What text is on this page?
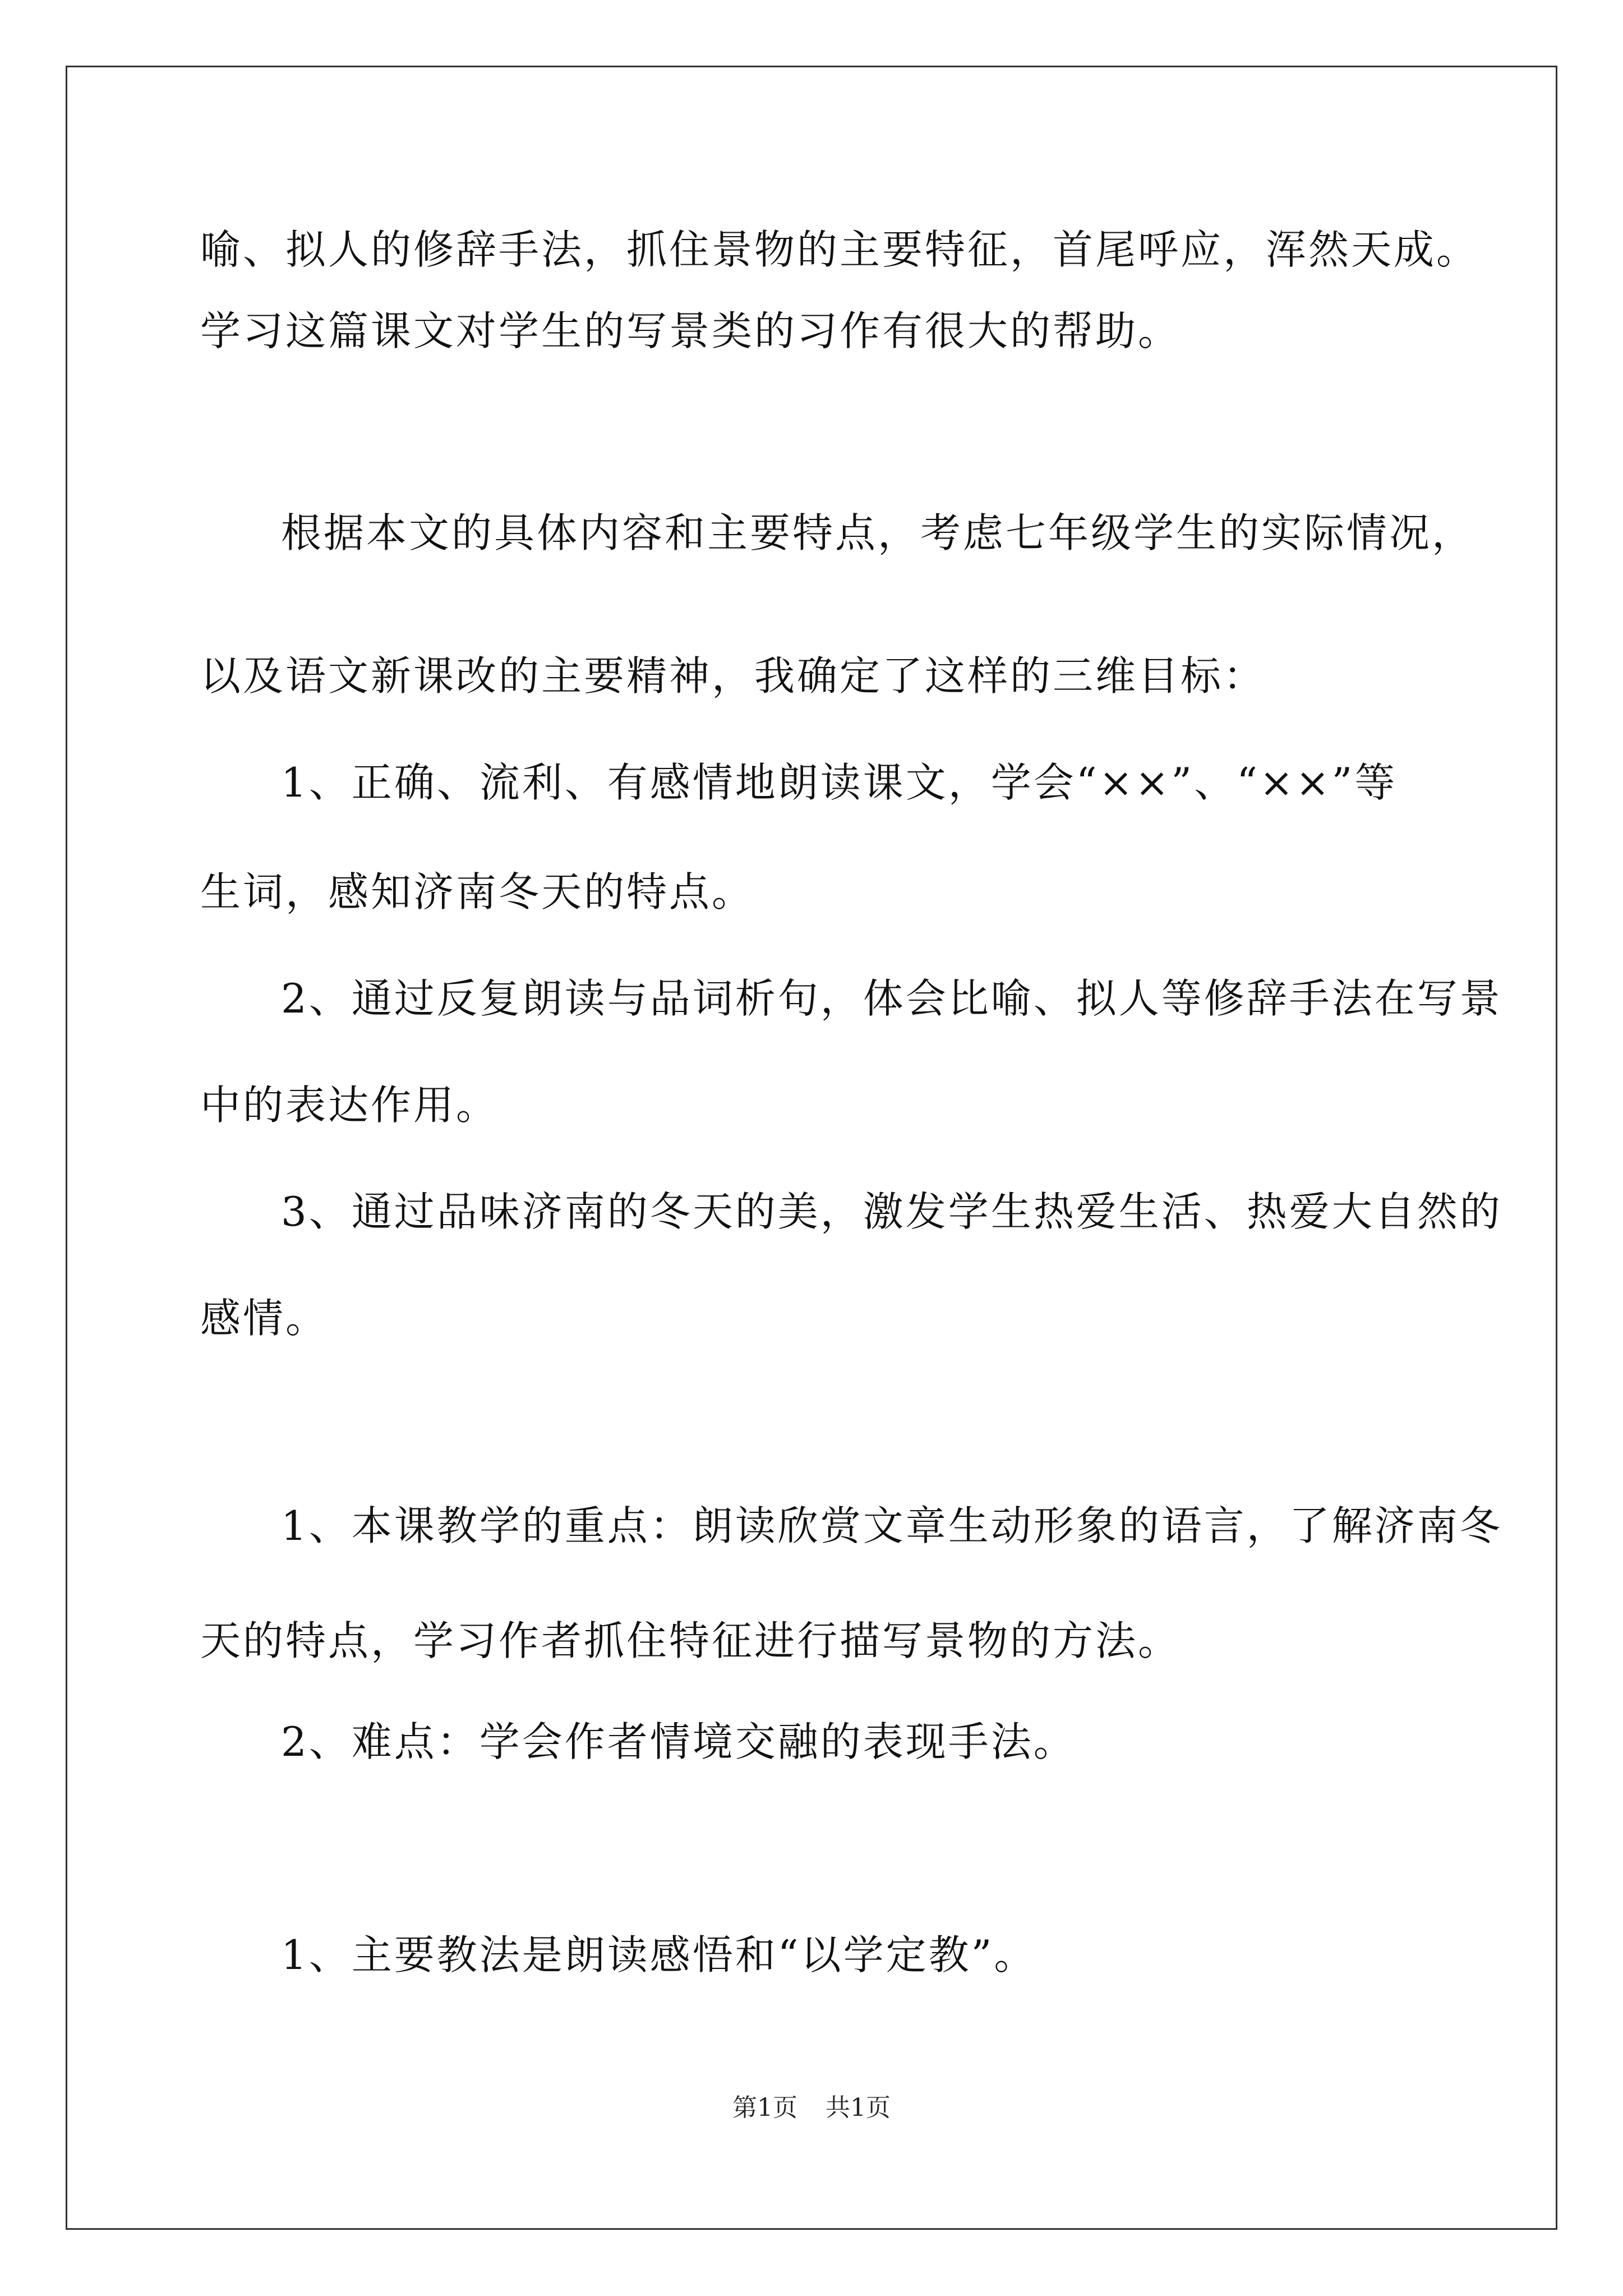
喻、拟人的修辞手法，抓住景物的主要特征，首尾呼应，浑然天成。
学习这篇课文对学生的写景类的习作有很大的帮助。
根据本文的具体内容和主要特点，考虑七年级学生的实际情况，
以及语文新课改的主要精神，我确定了这样的三维目标：
1、正确、流利、有感情地朗读课文，学会“××”、“××”等
生词，感知济南冬天的特点。
2、通过反复朗读与品词析句，体会比喻、拟人等修辞手法在写景
中的表达作用。
3、通过品味济南的冬天的美，激发学生热爱生活、热爱大自然的
感情。
1、本课教学的重点：朗读欣赏文章生动形象的语言，了解济南冬
天的特点，学习作者抓住特征进行描写景物的方法。
2、难点：学会作者情境交融的表现手法。
1、主要教法是朗读感悟和“以学定教”。
第1页 共1页
